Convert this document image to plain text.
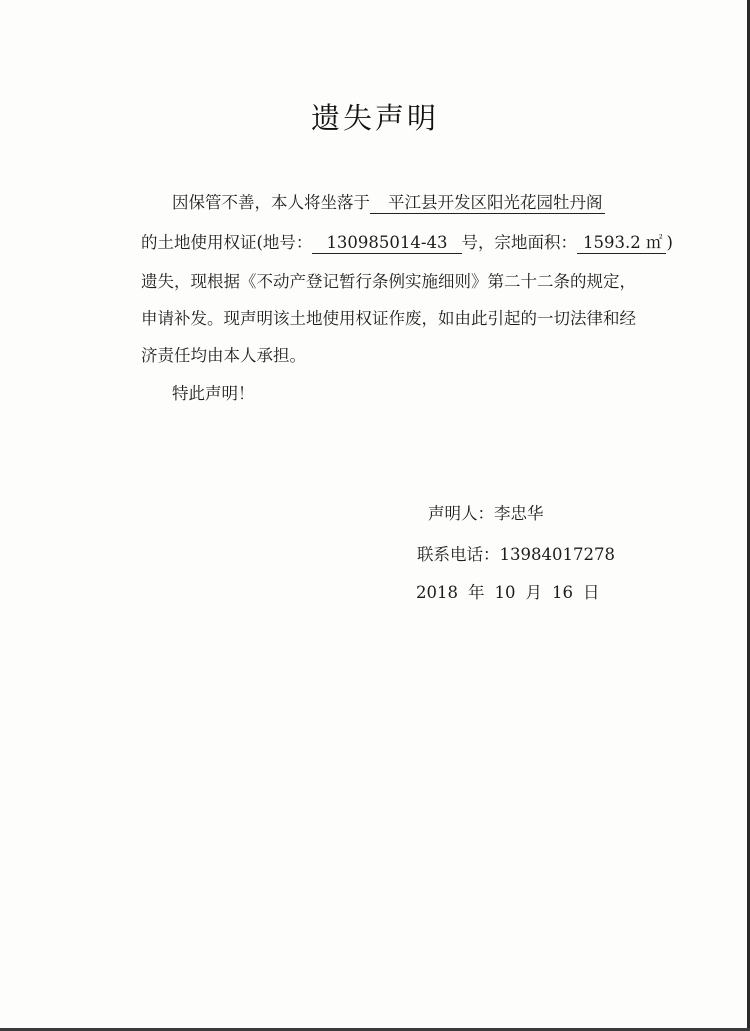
遗失声明
因保管不善，本人将坐落于 平江县开发区阳光花园牡丹阁
的土地使用权证(地号： 130985014-43 号，宗地面积： 1593.2 ㎡ )
遗失，现根据《不动产登记暂行条例实施细则》第二十二条的规定，
申请补发。现声明该土地使用权证作废，如由此引起的一切法律和经
济责任均由本人承担。
特此声明！
声明人：李忠华
联系电话：13984017278
2018 年 10 月 16 日
